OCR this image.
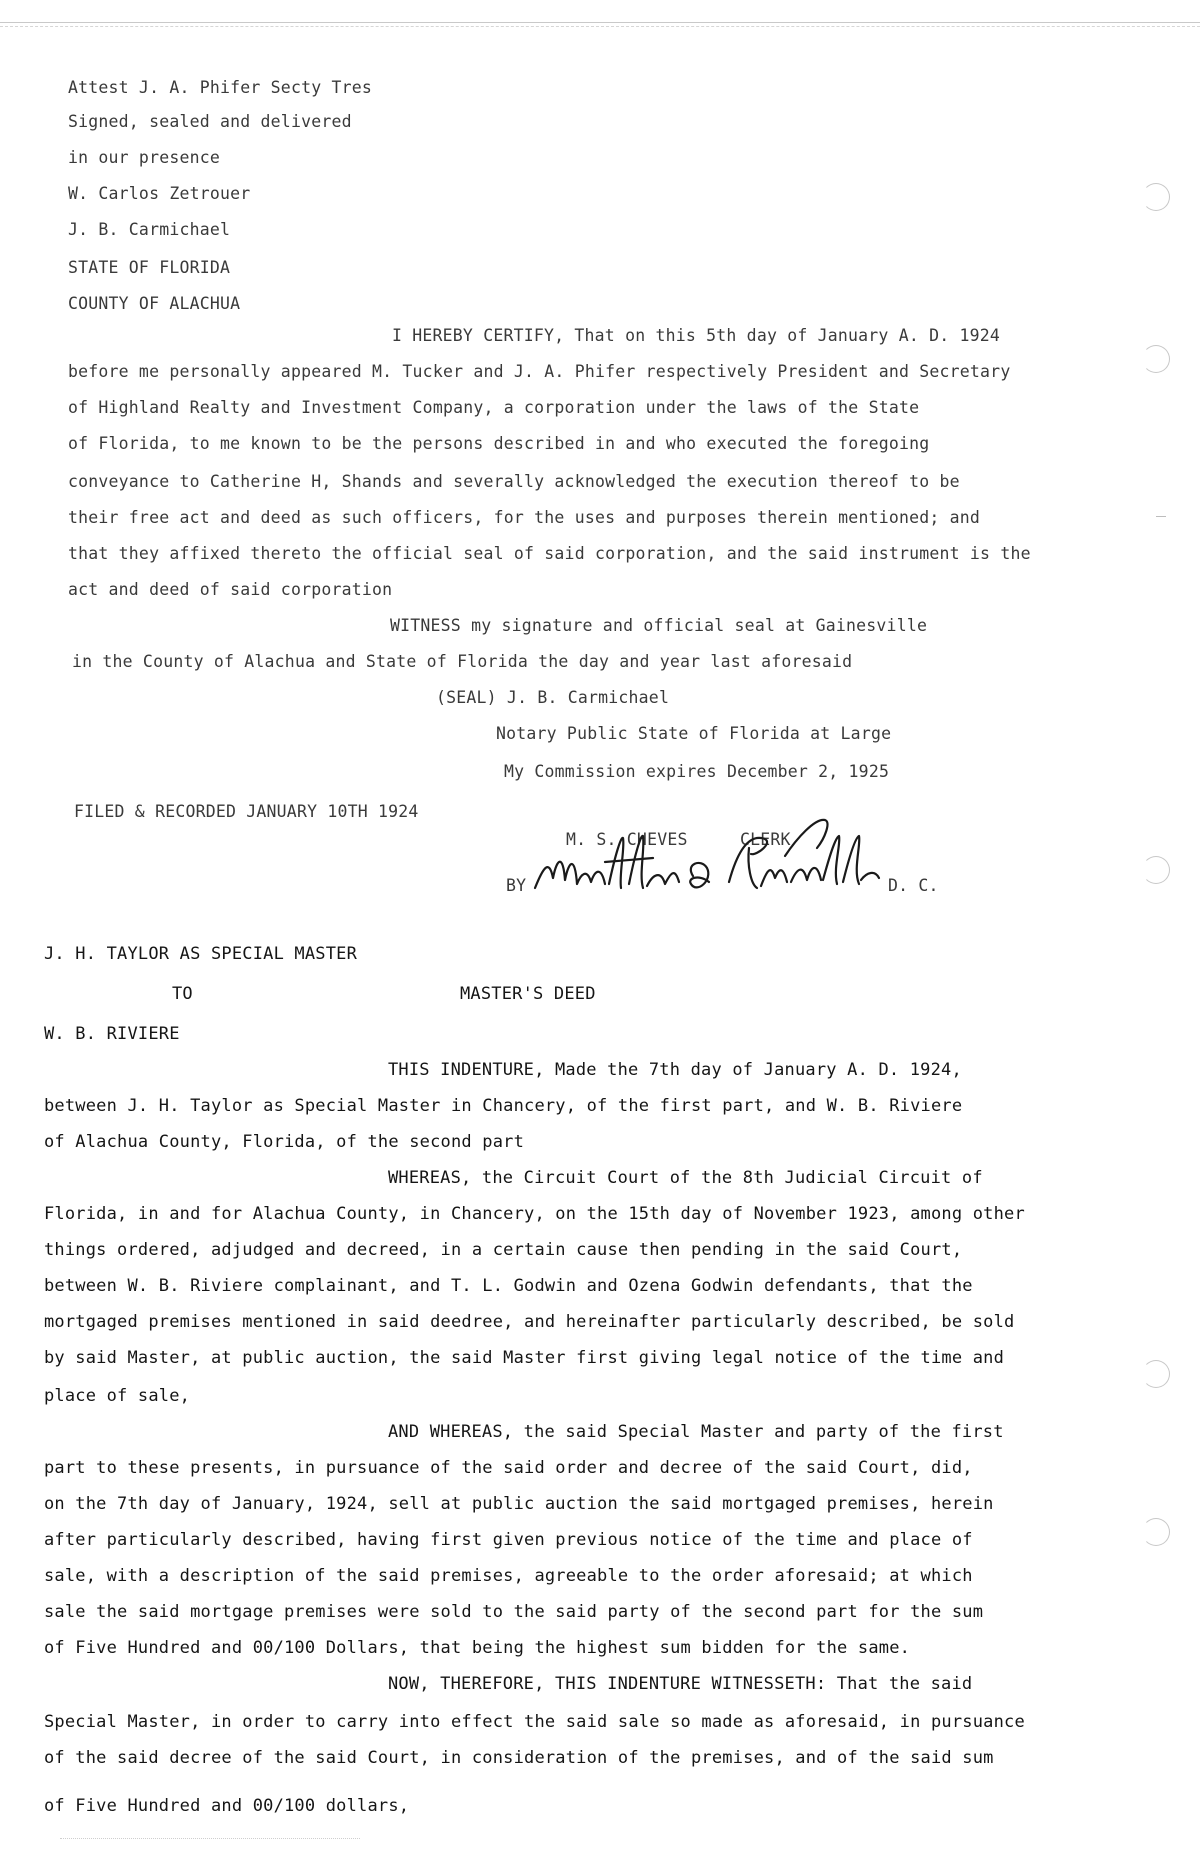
Attest J. A. Phifer Secty Tres
Signed, sealed and delivered
in our presence
W. Carlos Zetrouer
J. B. Carmichael
STATE OF FLORIDA
COUNTY OF ALACHUA
I HEREBY CERTIFY, That on this 5th day of January A. D. 1924
before me personally appeared M. Tucker and J. A. Phifer respectively President and Secretary
of Highland Realty and Investment Company, a corporation under the laws of the State
of Florida, to me known to be the persons described in and who executed the foregoing
conveyance to Catherine H, Shands and severally acknowledged the execution thereof to be
their free act and deed as such officers, for the uses and purposes therein mentioned; and
that they affixed thereto the official seal of said corporation, and the said instrument is the
act and deed of said corporation
WITNESS my signature and official seal at Gainesville
in the County of Alachua and State of Florida the day and year last aforesaid
(SEAL) J. B. Carmichael
Notary Public State of Florida at Large
My Commission expires December 2, 1925
FILED & RECORDED JANUARY 10TH 1924
M. S. CHEVES	CLERK
BY	D. C.
J. H. TAYLOR AS SPECIAL MASTER
TO	MASTER'S DEED
W. B. RIVIERE
THIS INDENTURE, Made the 7th day of January A. D. 1924,
between J. H. Taylor as Special Master in Chancery, of the first part, and W. B. Riviere
of Alachua County, Florida, of the second part
WHEREAS, the Circuit Court of the 8th Judicial Circuit of
Florida, in and for Alachua County, in Chancery, on the 15th day of November 1923, among other
things ordered, adjudged and decreed, in a certain cause then pending in the said Court,
between W. B. Riviere complainant, and T. L. Godwin and Ozena Godwin defendants, that the
mortgaged premises mentioned in said deedree, and hereinafter particularly described, be sold
by said Master, at public auction, the said Master first giving legal notice of the time and
place of sale,
AND WHEREAS, the said Special Master and party of the first
part to these presents, in pursuance of the said order and decree of the said Court, did,
on the 7th day of January, 1924, sell at public auction the said mortgaged premises, herein
after particularly described, having first given previous notice of the time and place of
sale, with a description of the said premises, agreeable to the order aforesaid; at which
sale the said mortgage premises were sold to the said party of the second part for the sum
of Five Hundred and 00/100 Dollars, that being the highest sum bidden for the same.
NOW, THEREFORE, THIS INDENTURE WITNESSETH: That the said
Special Master, in order to carry into effect the said sale so made as aforesaid, in pursuance
of the said decree of the said Court, in consideration of the premises, and of the said sum
of Five Hundred and 00/100 dollars,
